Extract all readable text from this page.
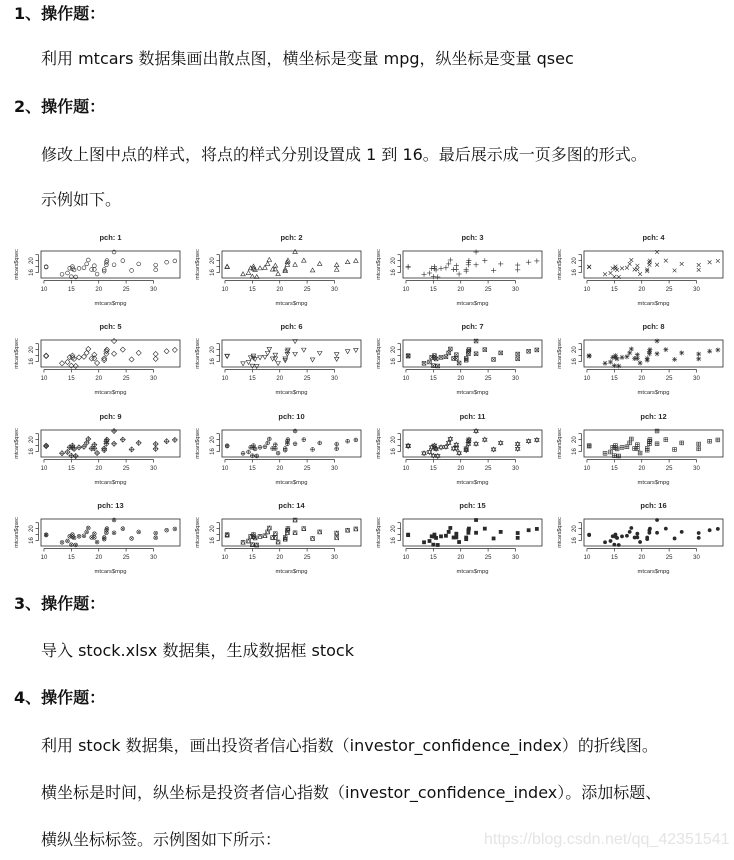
1、操作题：
利用 mtcars 数据集画出散点图，横坐标是变量 mpg，纵坐标是变量 qsec
2、操作题：
修改上图中点的样式，将点的样式分别设置成 1 到 16。最后展示成一页多图的形式。
示例如下。
pch: 1
10	15	20	25	30
mtcars$mpg
16
20
mtcars$qsec
pch: 2
10	15	20	25	30
mtcars$mpg
16
20
mtcars$qsec
pch: 3
10	15	20	25	30
mtcars$mpg
16
20
mtcars$qsec
pch: 4
10	15	20	25	30
mtcars$mpg
16
20
mtcars$qsec
pch: 5
10	15	20	25	30
mtcars$mpg
16
20
mtcars$qsec
pch: 6
10	15	20	25	30
mtcars$mpg
16
20
mtcars$qsec
pch: 7
10	15	20	25	30
mtcars$mpg
16
20
mtcars$qsec
pch: 8
10	15	20	25	30
mtcars$mpg
16
20
mtcars$qsec
pch: 9
10	15	20	25	30
mtcars$mpg
16
20
mtcars$qsec
pch: 10
10	15	20	25	30
mtcars$mpg
16
20
mtcars$qsec
pch: 11
10	15	20	25	30
mtcars$mpg
16
20
mtcars$qsec
pch: 12
10	15	20	25	30
mtcars$mpg
16
20
mtcars$qsec
pch: 13
10	15	20	25	30
mtcars$mpg
16
20
mtcars$qsec
pch: 14
10	15	20	25	30
mtcars$mpg
16
20
mtcars$qsec
pch: 15
10	15	20	25	30
mtcars$mpg
16
20
mtcars$qsec
pch: 16
10	15	20	25	30
mtcars$mpg
16
20
mtcars$qsec
3、操作题：
导入 stock.xlsx 数据集，生成数据框 stock
4、操作题：
利用 stock 数据集，画出投资者信心指数（investor_confidence_index）的折线图。
横坐标是时间，纵坐标是投资者信心指数（investor_confidence_index）。添加标题、
横纵坐标标签。示例图如下所示：	https://blog.csdn.net/qq_42351541
